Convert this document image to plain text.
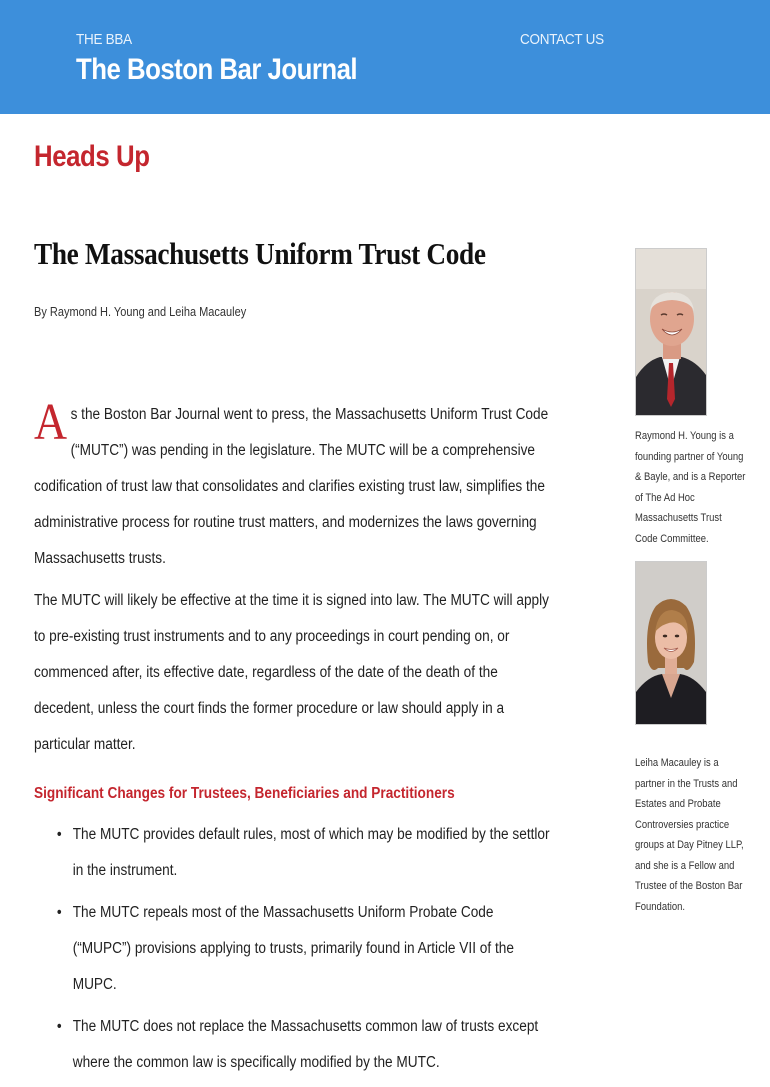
THE BBA	CONTACT US
The Boston Bar Journal
Heads Up
The Massachusetts Uniform Trust Code
By Raymond H. Young and Leiha Macauley

As the Boston Bar Journal went to press, the Massachusetts Uniform Trust Code (“MUTC”) was pending in the legislature. The MUTC will be a comprehensive codification of trust law that consolidates and clarifies existing trust law, simplifies the administrative process for routine trust matters, and modernizes the laws governing Massachusetts trusts.

The MUTC will likely be effective at the time it is signed into law. The MUTC will apply to pre-existing trust instruments and to any proceedings in court pending on, or commenced after, its effective date, regardless of the date of the death of the decedent, unless the court finds the former procedure or law should apply in a particular matter.

Significant Changes for Trustees, Beneficiaries and Practitioners

• The MUTC provides default rules, most of which may be modified by the settlor in the instrument.
• The MUTC repeals most of the Massachusetts Uniform Probate Code (“MUPC”) provisions applying to trusts, primarily found in Article VII of the MUPC.
• The MUTC does not replace the Massachusetts common law of trusts except where the common law is specifically modified by the MUTC.
Raymond H. Young is a founding partner of Young & Bayle, and is a Reporter of The Ad Hoc Massachusetts Trust Code Committee.
Leiha Macauley is a partner in the Trusts and Estates and Probate Controversies practice groups at Day Pitney LLP, and she is a Fellow and Trustee of the Boston Bar Foundation.
